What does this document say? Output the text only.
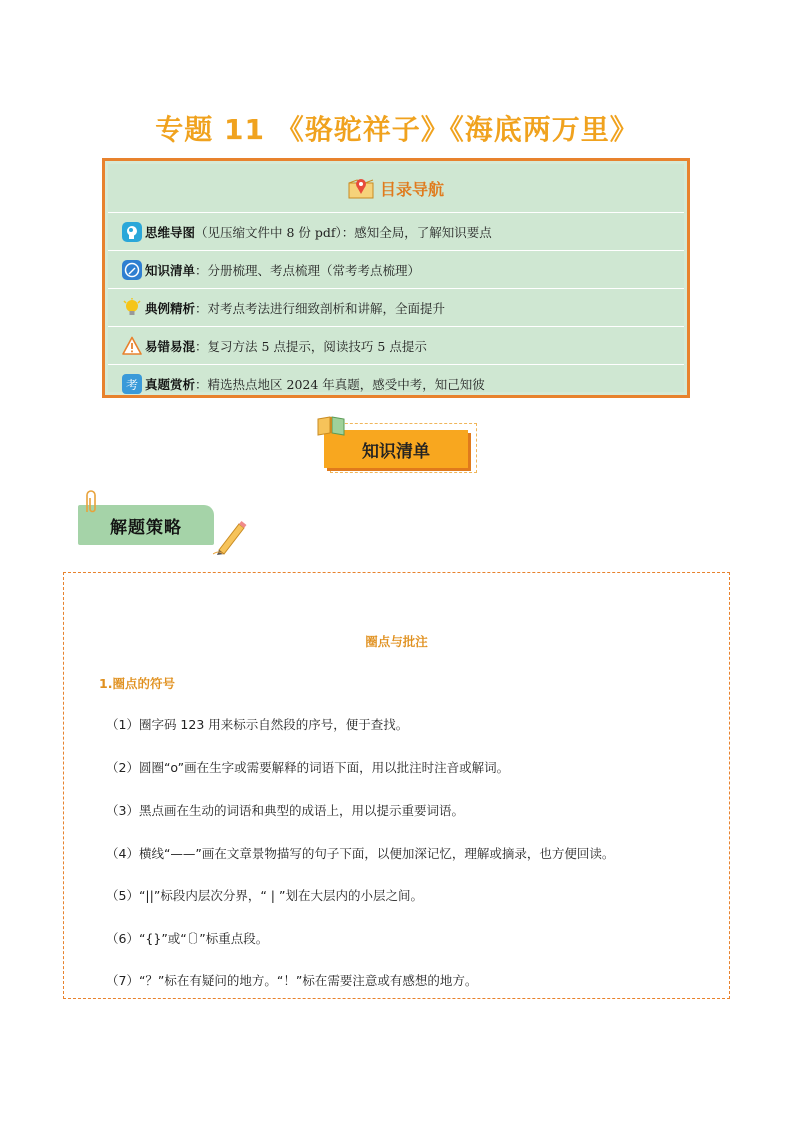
专题 11 《骆驼祥子》《海底两万里》
目录导航
思维导图 （见压缩文件中 8 份 pdf）：感知全局，了解知识要点
知识清单 ：分册梳理、考点梳理（常考考点梳理）
典例精析 ：对考点考法进行细致剖析和讲解，全面提升
易错易混 ：复习方法 5 点提示，阅读技巧 5 点提示
考 真题赏析 ：精选热点地区 2024 年真题，感受中考，知己知彼
知识清单
解题策略
圈点与批注
1.圈点的符号
（1）圈字码 123 用来标示自然段的序号，便于查找。
（2）圆圈“o”画在生字或需要解释的词语下面，用以批注时注音或解词。
（3）黑点画在生动的词语和典型的成语上，用以提示重要词语。
（4）横线“——”画在文章景物描写的句子下面，以便加深记忆，理解或摘录，也方便回读。
（5）“||”标段内层次分界，“ | ”划在大层内的小层之间。
（6）“{}”或“〔〕”标重点段。
（7）“？”标在有疑问的地方。“！”标在需要注意或有感想的地方。
